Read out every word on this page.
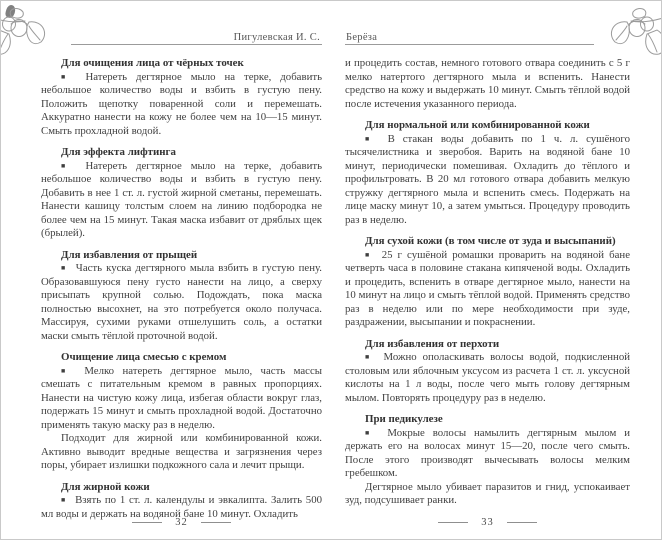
Пигулевская И. С.
Для очищения лица от чёрных точек

■ Натереть дегтярное мыло на терке, добавить небольшое количество воды и взбить в густую пену. Положить щепотку поваренной соли и перемешать. Аккуратно нанести на кожу не более чем на 10—15 минут. Смыть прохладной водой.

Для эффекта лифтинга

■ Натереть дегтярное мыло на терке, добавить небольшое количество воды и взбить в густую пену. Добавить в нее 1 ст. л. густой жирной сметаны, перемешать. Нанести кашицу толстым слоем на линию подбородка не более чем на 15 минут. Такая маска избавит от дряблых щек (брылей).

Для избавления от прыщей

■ Часть куска дегтярного мыла взбить в густую пену. Образовавшуюся пену густо нанести на лицо, а сверху присыпать крупной солью. Подождать, пока маска полностью высохнет, на это потребуется около получаса. Массируя, сухими руками отшелушить соль, а остатки маски смыть тёплой проточной водой.

Очищение лица смесью с кремом

■ Мелко натереть дегтярное мыло, часть массы смешать с питательным кремом в равных пропорциях. Нанести на чистую кожу лица, избегая области вокруг глаз, подержать 15 минут и смыть прохладной водой. Достаточно применять такую маску раз в неделю.

Подходит для жирной или комбинированной кожи. Активно выводит вредные вещества и загрязнения через поры, убирает излишки подкожного сала и лечит прыщи.

Для жирной кожи

■ Взять по 1 ст. л. календулы и эвкалипта. Залить 500 мл воды и держать на водяной бане 10 минут. Охладить

32
Берёза

и процедить состав, немного готового отвара соединить с 5 г мелко натертого дегтярного мыла и вспенить. Нанести средство на кожу и выдержать 10 минут. Смыть тёплой водой после истечения указанного периода.

Для нормальной или комбинированной кожи

■ В стакан воды добавить по 1 ч. л. сушёного тысячелистника и зверобоя. Варить на водяной бане 10 минут, периодически помешивая. Охладить до тёплого и профильтровать. В 20 мл готового отвара добавить мелкую стружку дегтярного мыла и вспенить смесь. Подержать на лице маску минут 10, а затем умыться. Процедуру проводить раз в неделю.

Для сухой кожи (в том числе от зуда и высыпаний)

■ 25 г сушёной ромашки проварить на водяной бане четверть часа в половине стакана кипяченой воды. Охладить и процедить, вспенить в отваре дегтярное мыло, нанести на 10 минут на лицо и смыть тёплой водой. Применять средство раз в неделю или по мере необходимости при зуде, раздражении, высыпании и покраснении.

Для избавления от перхоти

■ Можно ополаскивать волосы водой, подкисленной столовым или яблочным уксусом из расчета 1 ст. л. уксусной кислоты на 1 л воды, после чего мыть голову дегтярным мылом. Повторять процедуру раз в неделю.

При педикулезе

■ Мокрые волосы намылить дегтярным мылом и держать его на волосах минут 15—20, после чего смыть. После этого производят вычесывать волосы мелким гребешком.

Дегтярное мыло убивает паразитов и гнид, успокаивает зуд, подсушивает ранки.

33
